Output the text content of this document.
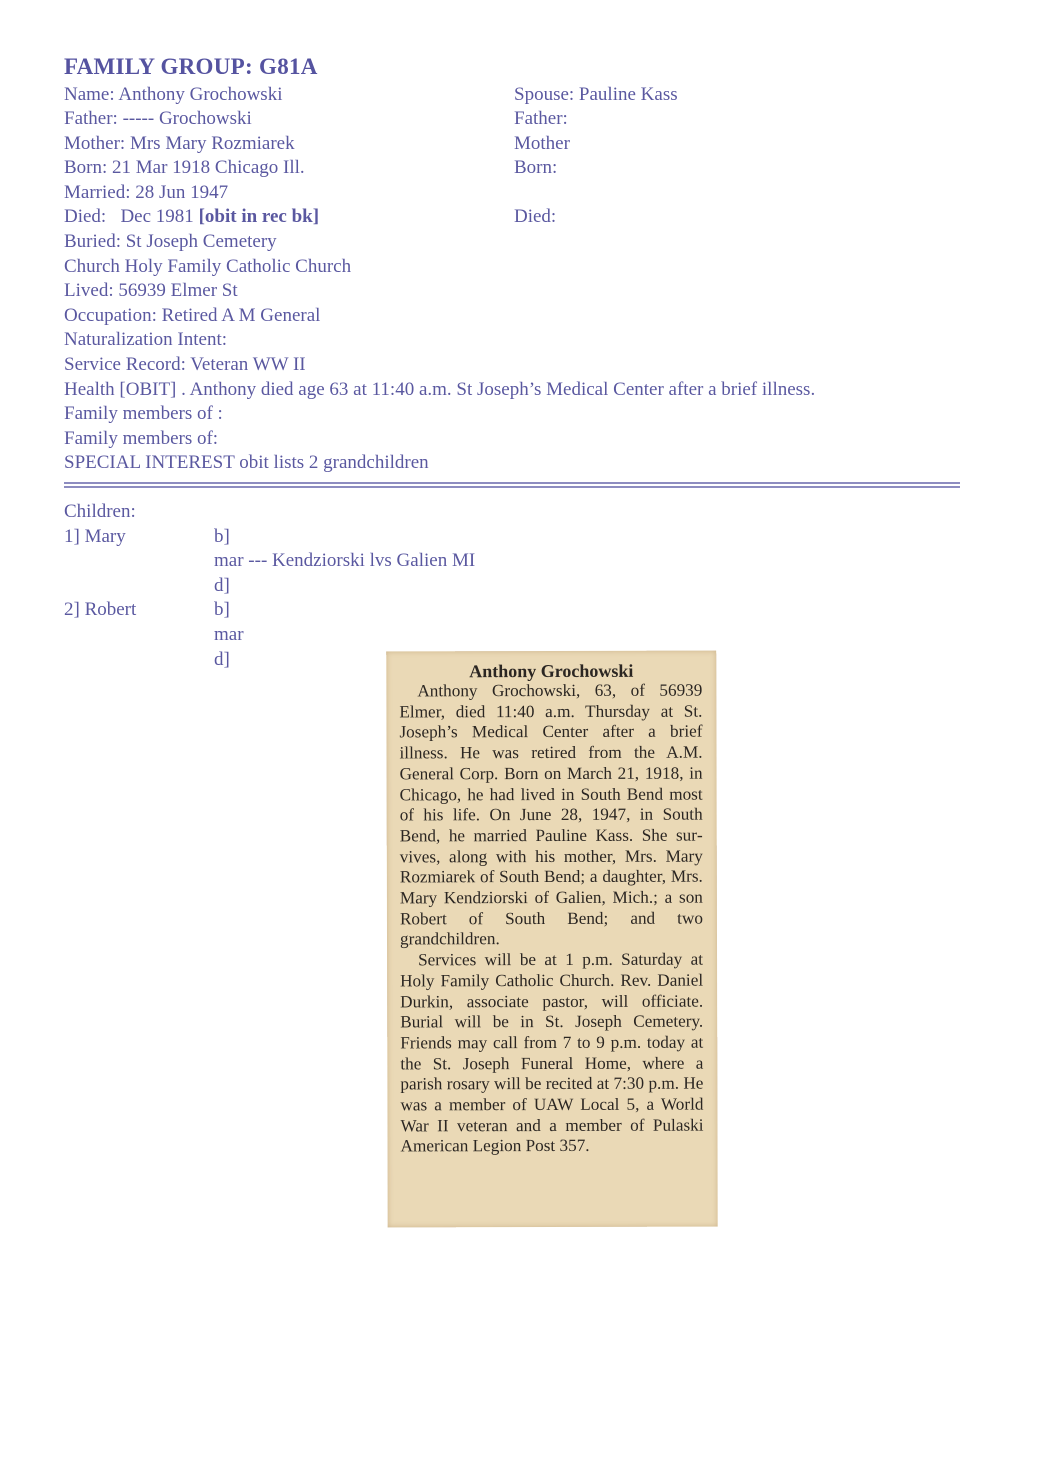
FAMILY GROUP: G81A
Name: Anthony Grochowski
Father: ----- Grochowski
Mother: Mrs Mary Rozmiarek
Born: 21 Mar 1918 Chicago Ill.
Married: 28 Jun 1947
Died:   Dec 1981 [obit in rec bk]
Buried: St Joseph Cemetery
Church Holy Family Catholic Church
Lived: 56939 Elmer St
Occupation: Retired A M General
Naturalization Intent:
Service Record: Veteran WW II
Health [OBIT] . Anthony died age 63 at 11:40 a.m. St Joseph’s Medical Center after a brief illness.
Family members of :
Family members of:
SPECIAL INTEREST obit lists 2 grandchildren
Spouse: Pauline Kass
Father:
Mother
Born:
Died:
Children:
1] Mary	b]
mar --- Kendziorski lvs Galien MI
d]
2] Robert	b]
mar
d]
Anthony Grochowski

Anthony Grochowski, 63, of 56939 Elmer, died 11:40 a.m. Thursday at St. Joseph’s Medical Center after a brief illness. He was retired from the A.M. General Corp. Born on March 21, 1918, in Chicago, he had lived in South Bend most of his life. On June 28, 1947, in South Bend, he married Pauline Kass. She survives, along with his mother, Mrs. Mary Rozmiarek of South Bend; a daughter, Mrs. Mary Kendziorski of Galien, Mich.; a son Robert of South Bend; and two grandchildren.

Services will be at 1 p.m. Saturday at Holy Family Catholic Church. Rev. Daniel Durkin, associate pastor, will officiate. Burial will be in St. Joseph Cemetery. Friends may call from 7 to 9 p.m. today at the St. Joseph Funeral Home, where a parish rosary will be recited at 7:30 p.m. He was a member of UAW Local 5, a World War II veteran and a member of Pulaski American Legion Post 357.
